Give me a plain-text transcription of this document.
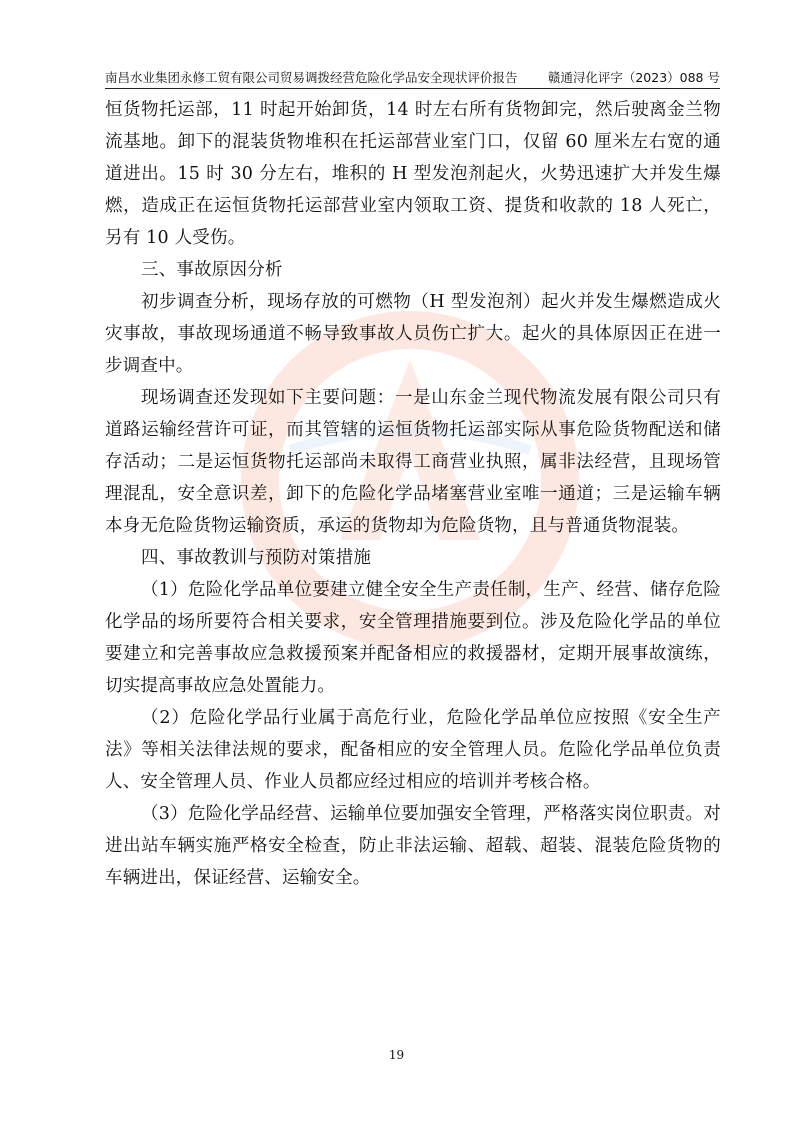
南昌水业集团永修工贸有限公司贸易调拨经营危险化学品安全现状评价报告 赣通浔化评字（2023）088 号

恒货物托运部，11 时起开始卸货，14 时左右所有货物卸完，然后驶离金兰物流基地。卸下的混装货物堆积在托运部营业室门口，仅留 60 厘米左右宽的通道进出。15 时 30 分左右，堆积的 H 型发泡剂起火，火势迅速扩大并发生爆燃，造成正在运恒货物托运部营业室内领取工资、提货和收款的 18 人死亡，另有 10 人受伤。

三、事故原因分析

初步调查分析，现场存放的可燃物（H 型发泡剂）起火并发生爆燃造成火灾事故，事故现场通道不畅导致事故人员伤亡扩大。起火的具体原因正在进一步调查中。

现场调查还发现如下主要问题：一是山东金兰现代物流发展有限公司只有道路运输经营许可证，而其管辖的运恒货物托运部实际从事危险货物配送和储存活动；二是运恒货物托运部尚未取得工商营业执照，属非法经营，且现场管理混乱，安全意识差，卸下的危险化学品堵塞营业室唯一通道；三是运输车辆本身无危险货物运输资质，承运的货物却为危险货物，且与普通货物混装。

四、事故教训与预防对策措施

（1）危险化学品单位要建立健全安全生产责任制，生产、经营、储存危险化学品的场所要符合相关要求，安全管理措施要到位。涉及危险化学品的单位要建立和完善事故应急救援预案并配备相应的救援器材，定期开展事故演练，切实提高事故应急处置能力。

（2）危险化学品行业属于高危行业，危险化学品单位应按照《安全生产法》等相关法律法规的要求，配备相应的安全管理人员。危险化学品单位负责人、安全管理人员、作业人员都应经过相应的培训并考核合格。

（3）危险化学品经营、运输单位要加强安全管理，严格落实岗位职责。对进出站车辆实施严格安全检查，防止非法运输、超载、超装、混装危险货物的车辆进出，保证经营、运输安全。

19
